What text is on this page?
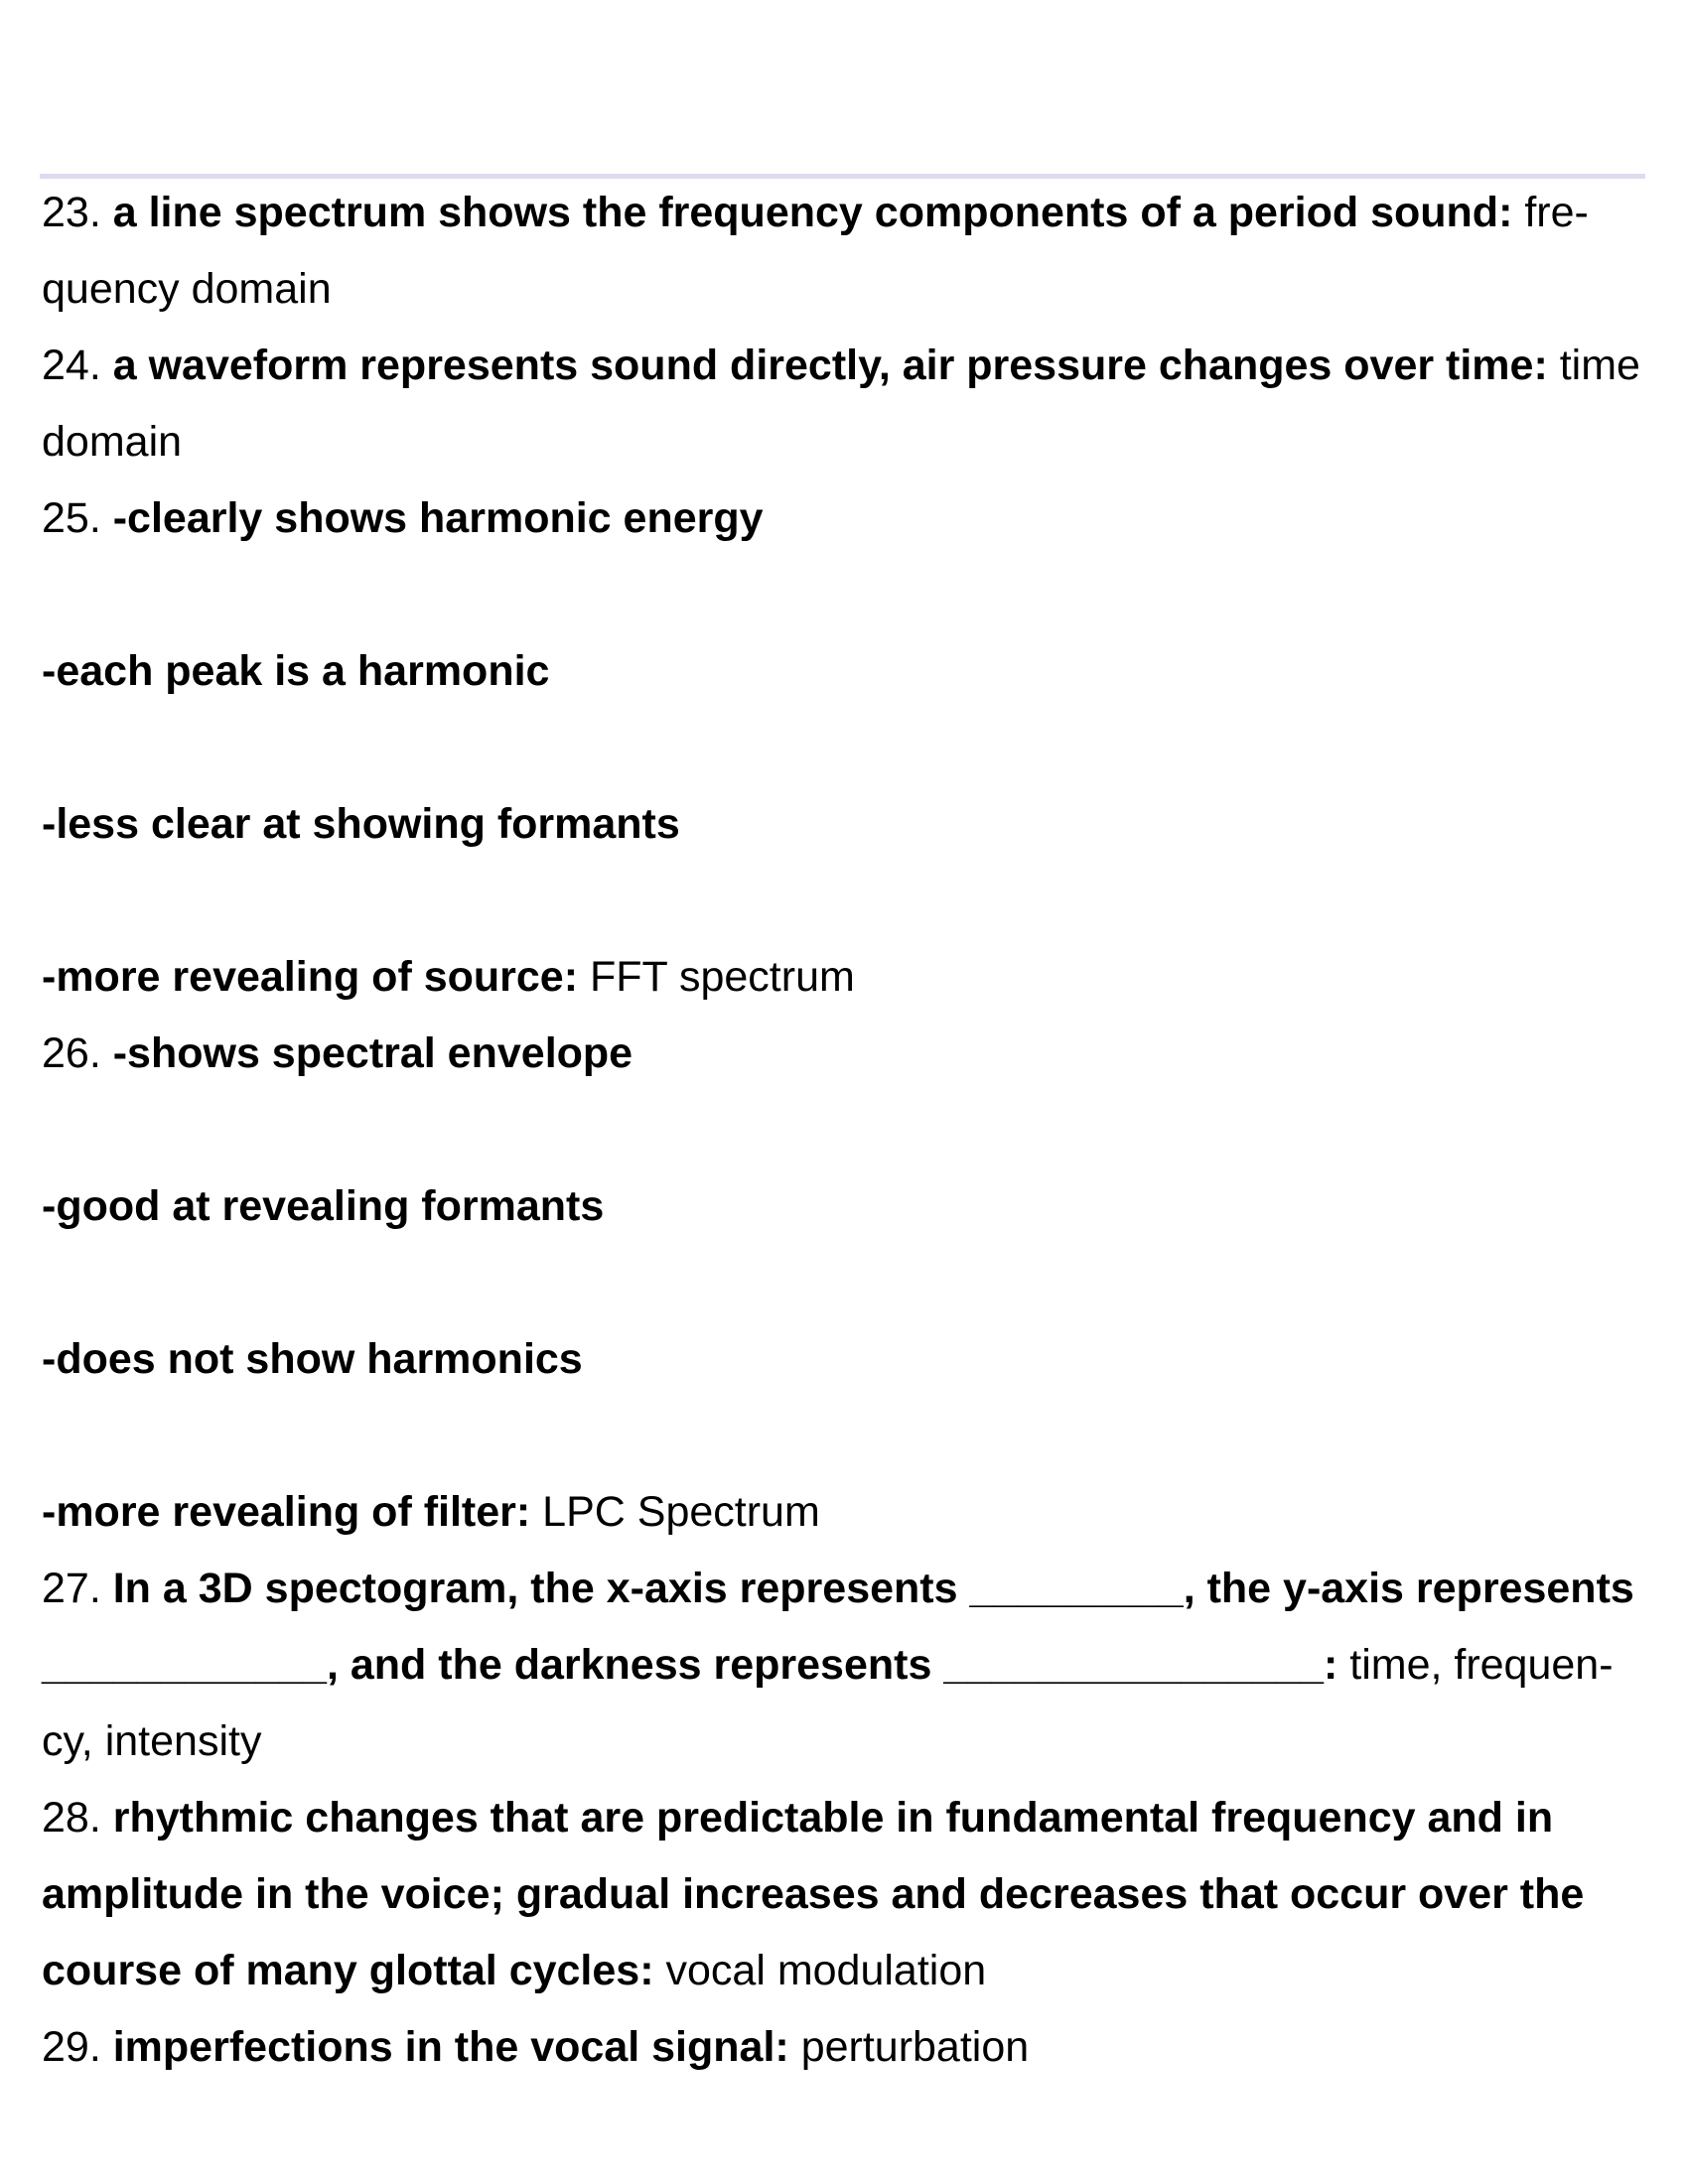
23. a line spectrum shows the frequency components of a period sound: fre-
quency domain
24. a waveform represents sound directly, air pressure changes over time: time
domain
25. -clearly shows harmonic energy
-each peak is a harmonic
-less clear at showing formants
-more revealing of source: FFT spectrum
26. -shows spectral envelope
-good at revealing formants
-does not show harmonics
-more revealing of filter: LPC Spectrum
27. In a 3D spectogram, the x-axis represents _________, the y-axis represents
____________, and the darkness represents ________________: time, frequen-
cy, intensity
28. rhythmic changes that are predictable in fundamental frequency and in
amplitude in the voice; gradual increases and decreases that occur over the
course of many glottal cycles: vocal modulation
29. imperfections in the vocal signal: perturbation
